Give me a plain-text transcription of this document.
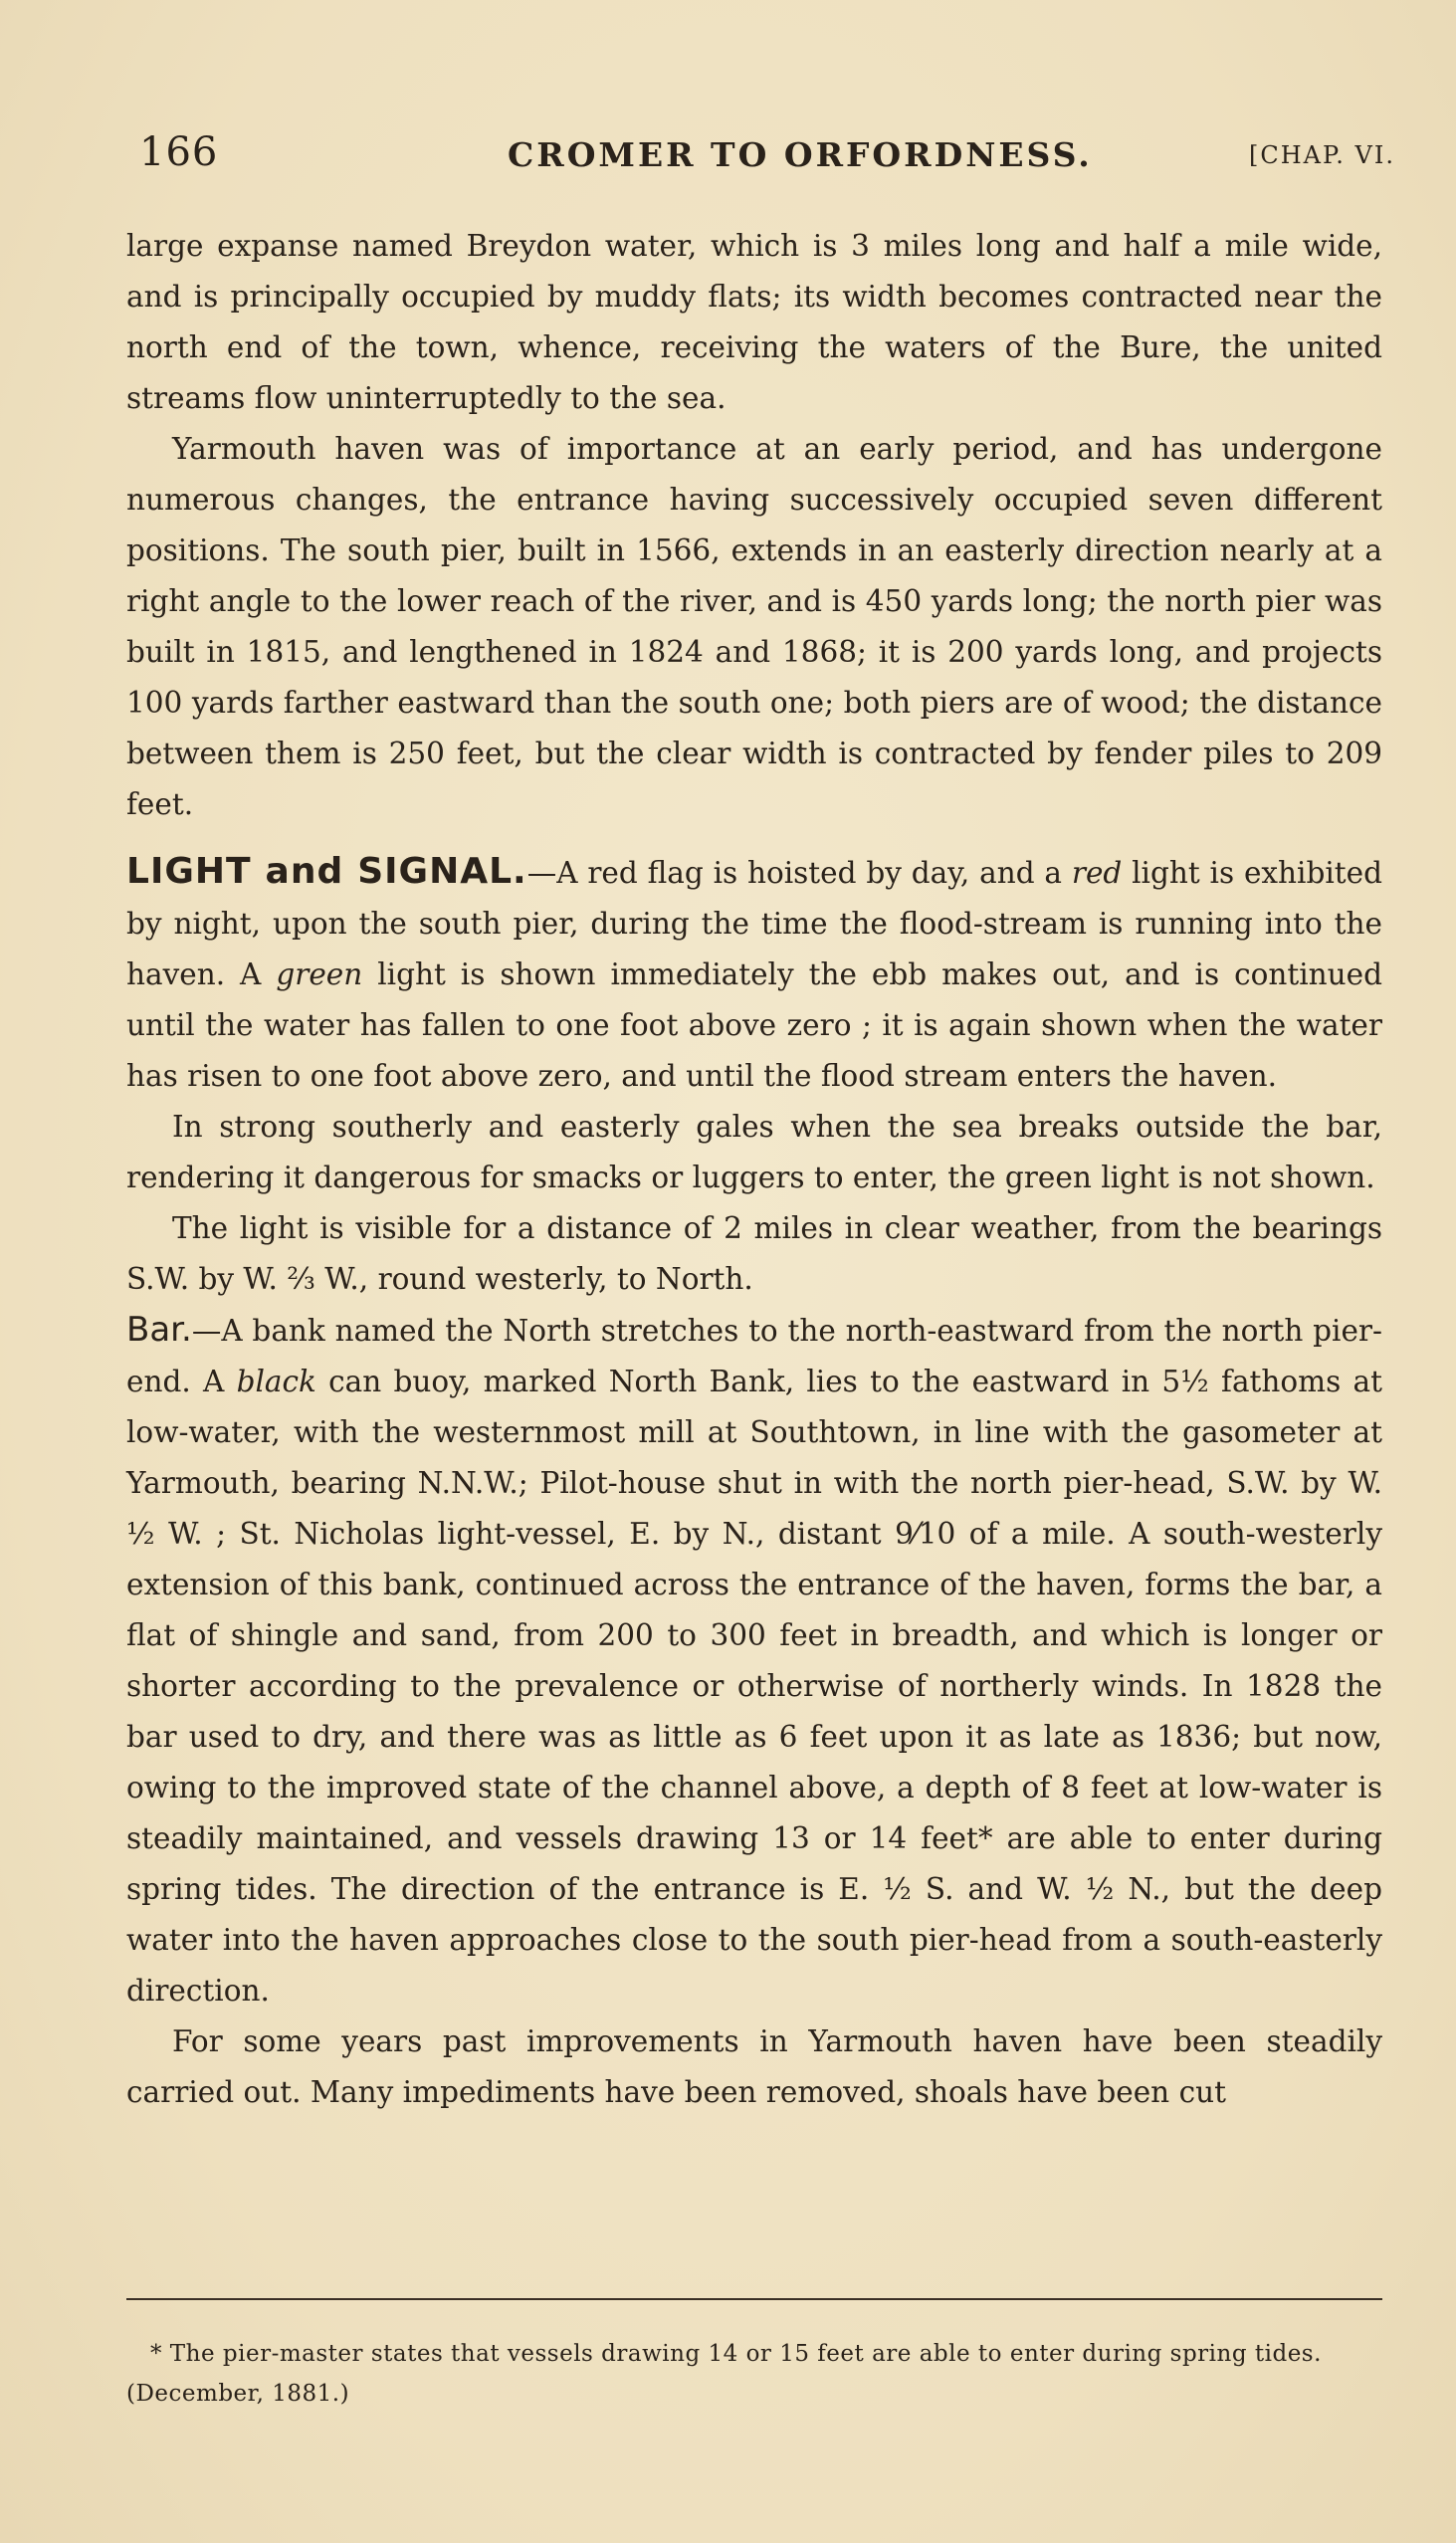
166	CROMER TO ORFORDNESS.	[CHAP. VI.

large expanse named Breydon water, which is 3 miles long and half a mile wide, and is principally occupied by muddy flats; its width becomes contracted near the north end of the town, whence, receiving the waters of the Bure, the united streams flow uninterruptedly to the sea.

Yarmouth haven was of importance at an early period, and has undergone numerous changes, the entrance having successively occupied seven different positions. The south pier, built in 1566, extends in an easterly direction nearly at a right angle to the lower reach of the river, and is 450 yards long; the north pier was built in 1815, and lengthened in 1824 and 1868; it is 200 yards long, and projects 100 yards farther eastward than the south one; both piers are of wood; the distance between them is 250 feet, but the clear width is contracted by fender piles to 209 feet.

LIGHT and SIGNAL.—A red flag is hoisted by day, and a red light is exhibited by night, upon the south pier, during the time the flood-stream is running into the haven. A green light is shown immediately the ebb makes out, and is continued until the water has fallen to one foot above zero ; it is again shown when the water has risen to one foot above zero, and until the flood stream enters the haven.

In strong southerly and easterly gales when the sea breaks outside the bar, rendering it dangerous for smacks or luggers to enter, the green light is not shown.

The light is visible for a distance of 2 miles in clear weather, from the bearings S.W. by W. ⅔ W., round westerly, to North.

Bar.—A bank named the North stretches to the north-eastward from the north pier-end. A black can buoy, marked North Bank, lies to the eastward in 5½ fathoms at low-water, with the westernmost mill at Southtown, in line with the gasometer at Yarmouth, bearing N.N.W.; Pilot-house shut in with the north pier-head, S.W. by W. ½ W. ; St. Nicholas light-vessel, E. by N., distant 9⁄10 of a mile. A south-westerly extension of this bank, continued across the entrance of the haven, forms the bar, a flat of shingle and sand, from 200 to 300 feet in breadth, and which is longer or shorter according to the prevalence or otherwise of northerly winds. In 1828 the bar used to dry, and there was as little as 6 feet upon it as late as 1836; but now, owing to the improved state of the channel above, a depth of 8 feet at low-water is steadily maintained, and vessels drawing 13 or 14 feet* are able to enter during spring tides. The direction of the entrance is E. ½ S. and W. ½ N., but the deep water into the haven approaches close to the south pier-head from a south-easterly direction.

For some years past improvements in Yarmouth haven have been steadily carried out. Many impediments have been removed, shoals have been cut

* The pier-master states that vessels drawing 14 or 15 feet are able to enter during spring tides. (December, 1881.)
